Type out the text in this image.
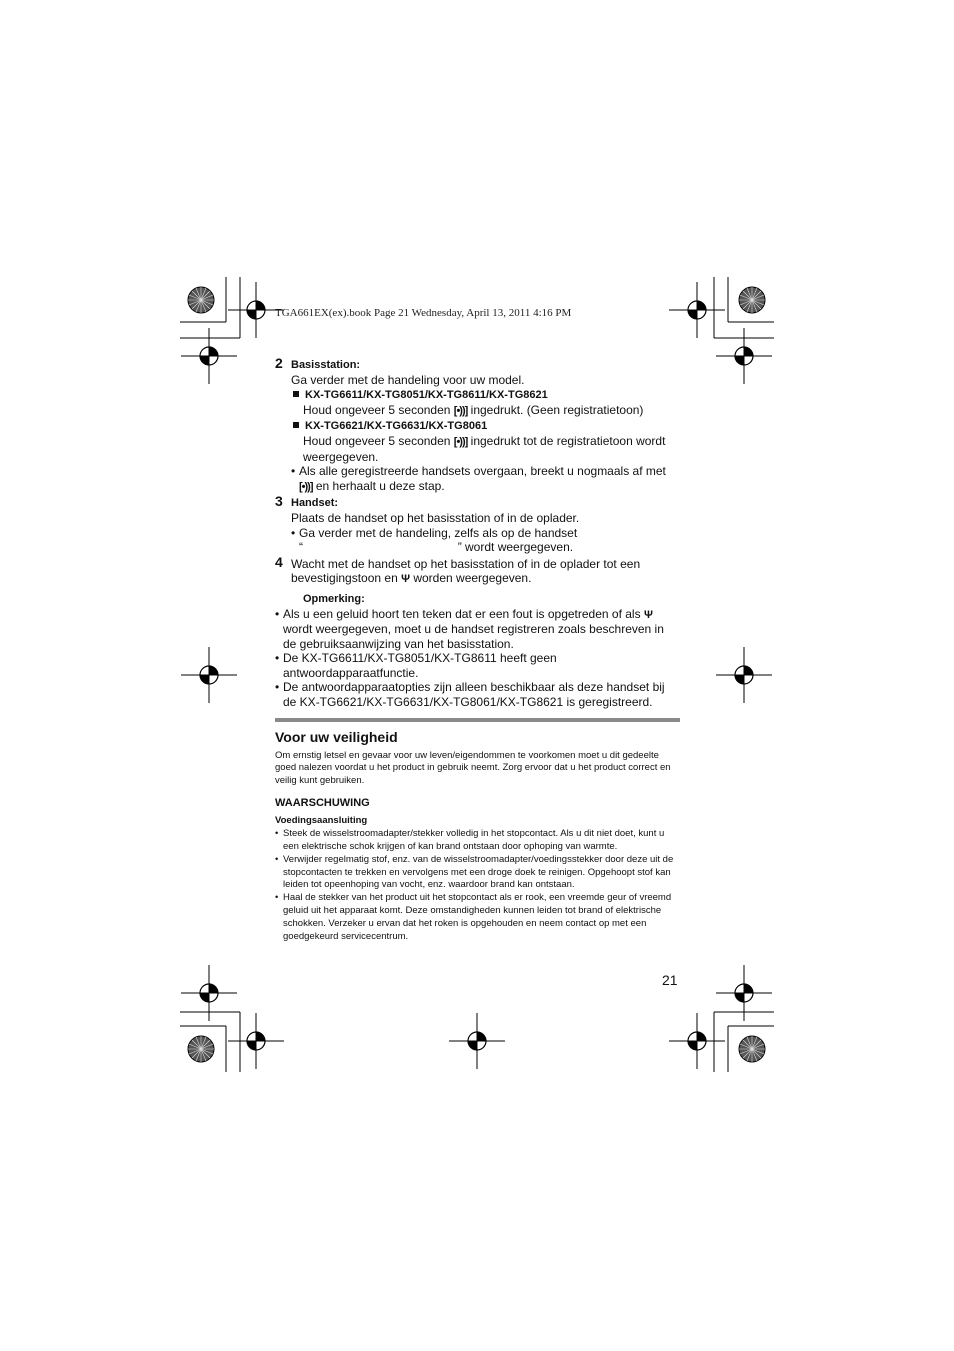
TGA661EX(ex).book Page 21 Wednesday, April 13, 2011 4:16 PM
2 Basisstation:
Ga verder met de handeling voor uw model.
KX-TG6611/KX-TG8051/KX-TG8611/KX-TG8621
Houd ongeveer 5 seconden [•))] ingedrukt. (Geen registratietoon)
KX-TG6621/KX-TG6631/KX-TG8061
Houd ongeveer 5 seconden [•))] ingedrukt tot de registratietoon wordt weergegeven.
• Als alle geregistreerde handsets overgaan, breekt u nogmaals af met [•))] en herhaalt u deze stap.
3 Handset:
Plaats de handset op het basisstation of in de oplader.
• Ga verder met de handeling, zelfs als op de handset
“	” wordt weergegeven.
4 Wacht met de handset op het basisstation of in de oplader tot een bevestigingstoon en Ψ worden weergegeven.
Opmerking:
• Als u een geluid hoort ten teken dat er een fout is opgetreden of als Ψ wordt weergegeven, moet u de handset registreren zoals beschreven in de gebruiksaanwijzing van het basisstation.
• De KX-TG6611/KX-TG8051/KX-TG8611 heeft geen antwoordapparaatfunctie.
• De antwoordapparaatopties zijn alleen beschikbaar als deze handset bij de KX-TG6621/KX-TG6631/KX-TG8061/KX-TG8621 is geregistreerd.
Voor uw veiligheid
Om ernstig letsel en gevaar voor uw leven/eigendommen te voorkomen moet u dit gedeelte goed nalezen voordat u het product in gebruik neemt. Zorg ervoor dat u het product correct en veilig kunt gebruiken.
WAARSCHUWING
Voedingsaansluiting
• Steek de wisselstroomadapter/stekker volledig in het stopcontact. Als u dit niet doet, kunt u een elektrische schok krijgen of kan brand ontstaan door ophoping van warmte.
• Verwijder regelmatig stof, enz. van de wisselstroomadapter/voedingsstekker door deze uit de stopcontacten te trekken en vervolgens met een droge doek te reinigen. Opgehoopt stof kan leiden tot opeenhoping van vocht, enz. waardoor brand kan ontstaan.
• Haal de stekker van het product uit het stopcontact als er rook, een vreemde geur of vreemd geluid uit het apparaat komt. Deze omstandigheden kunnen leiden tot brand of elektrische schokken. Verzeker u ervan dat het roken is opgehouden en neem contact op met een goedgekeurd servicecentrum.
21
